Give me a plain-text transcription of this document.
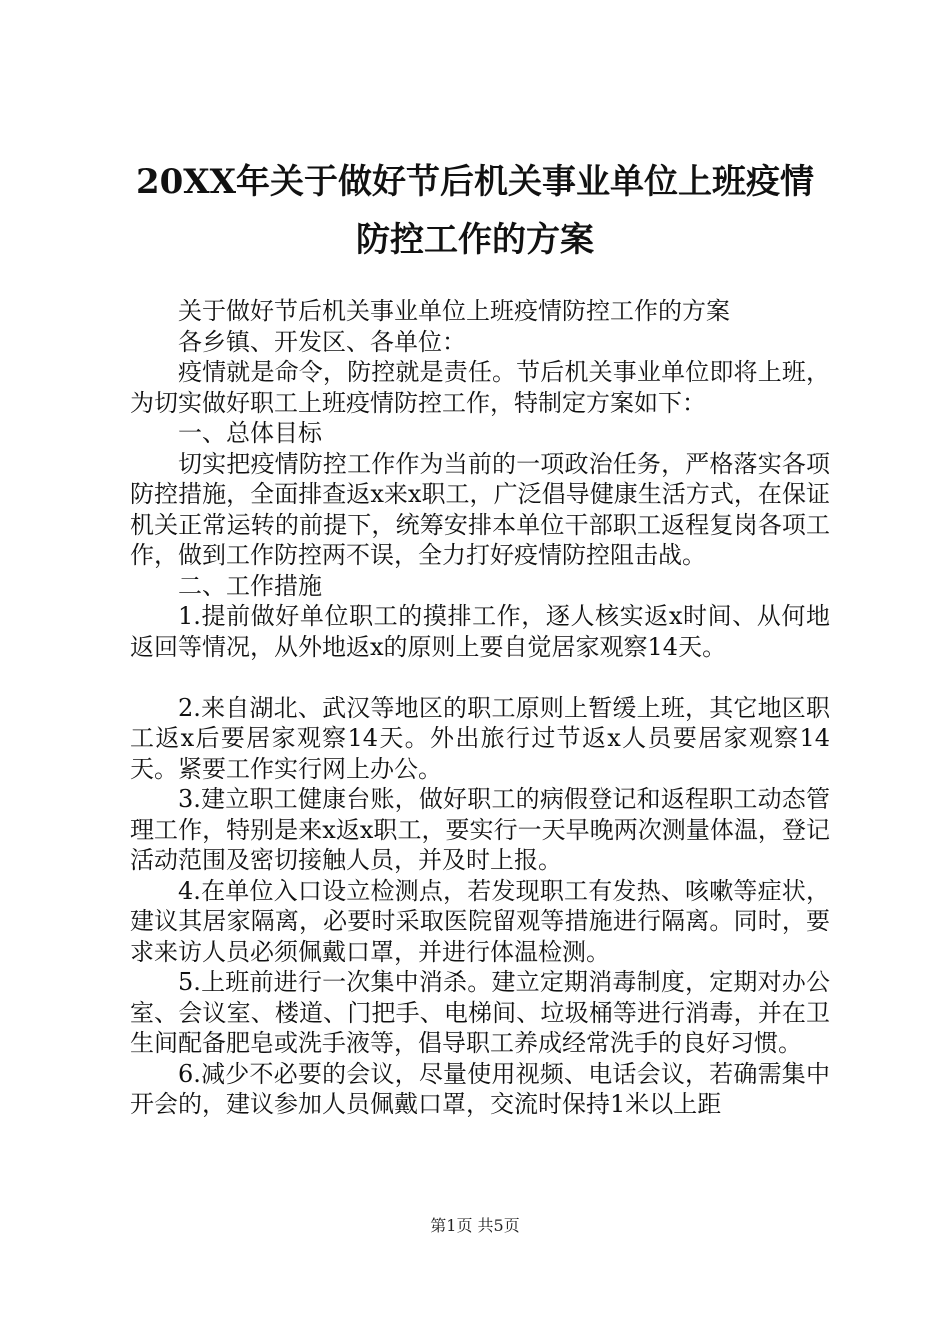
20XX年关于做好节后机关事业单位上班疫情
防控工作的方案

关于做好节后机关事业单位上班疫情防控工作的方案

各乡镇、开发区、各单位：

疫情就是命令，防控就是责任。节后机关事业单位即将上班，为切实做好职工上班疫情防控工作，特制定方案如下：

一、总体目标

切实把疫情防控工作作为当前的一项政治任务，严格落实各项防控措施，全面排查返x来x职工，广泛倡导健康生活方式，在保证机关正常运转的前提下，统筹安排本单位干部职工返程复岗各项工作，做到工作防控两不误，全力打好疫情防控阻击战。

二、工作措施

1.提前做好单位职工的摸排工作，逐人核实返x时间、从何地返回等情况，从外地返x的原则上要自觉居家观察14天。

2.来自湖北、武汉等地区的职工原则上暂缓上班，其它地区职工返x后要居家观察14天。外出旅行过节返x人员要居家观察14天。紧要工作实行网上办公。

3.建立职工健康台账，做好职工的病假登记和返程职工动态管理工作，特别是来x返x职工，要实行一天早晚两次测量体温，登记活动范围及密切接触人员，并及时上报。

4.在单位入口设立检测点，若发现职工有发热、咳嗽等症状，建议其居家隔离，必要时采取医院留观等措施进行隔离。同时，要求来访人员必须佩戴口罩，并进行体温检测。

5.上班前进行一次集中消杀。建立定期消毒制度，定期对办公室、会议室、楼道、门把手、电梯间、垃圾桶等进行消毒，并在卫生间配备肥皂或洗手液等，倡导职工养成经常洗手的良好习惯。

6.减少不必要的会议，尽量使用视频、电话会议，若确需集中开会的，建议参加人员佩戴口罩，交流时保持1米以上距

第1页 共5页
